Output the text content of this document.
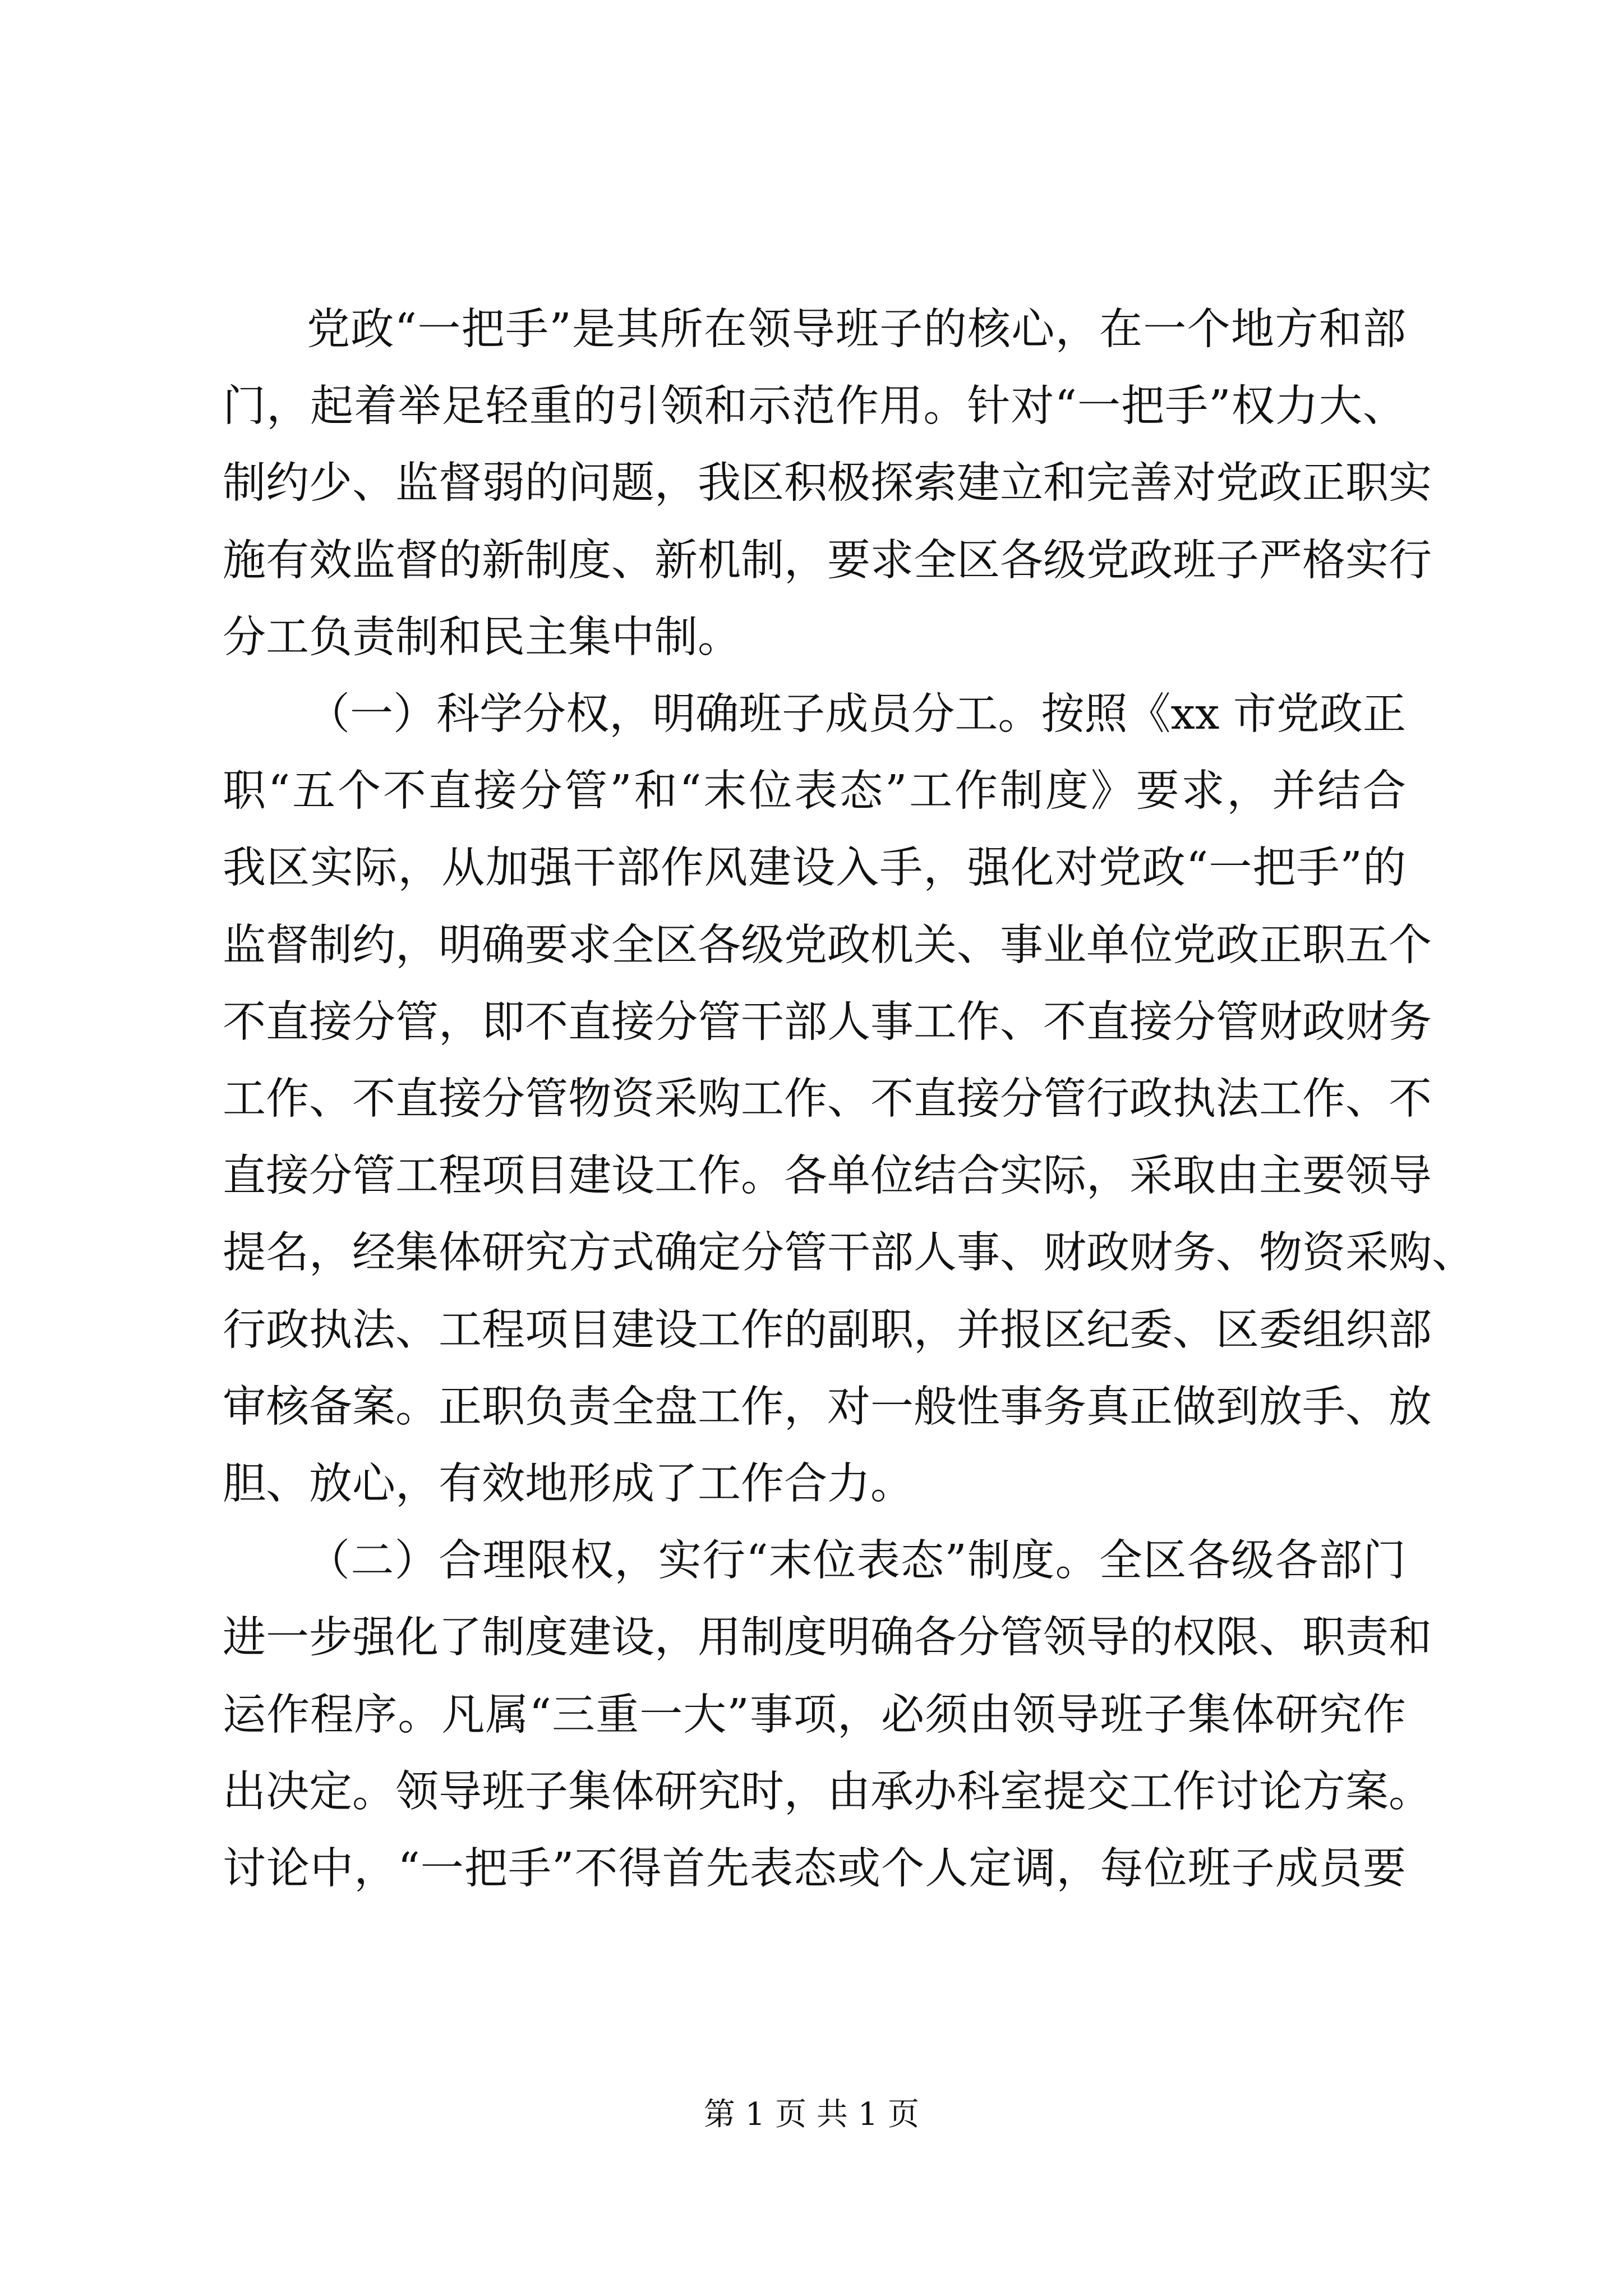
党政“一把手”是其所在领导班子的核心，在一个地方和部
门，起着举足轻重的引领和示范作用。针对“一把手”权力大、
制约少、监督弱的问题，我区积极探索建立和完善对党政正职实
施有效监督的新制度、新机制，要求全区各级党政班子严格实行
分工负责制和民主集中制。
（一）科学分权，明确班子成员分工。按照《xx 市党政正
职“五个不直接分管”和“末位表态”工作制度》要求，并结合
我区实际，从加强干部作风建设入手，强化对党政“一把手”的
监督制约，明确要求全区各级党政机关、事业单位党政正职五个
不直接分管，即不直接分管干部人事工作、不直接分管财政财务
工作、不直接分管物资采购工作、不直接分管行政执法工作、不
直接分管工程项目建设工作。各单位结合实际，采取由主要领导
提名，经集体研究方式确定分管干部人事、财政财务、物资采购、
行政执法、工程项目建设工作的副职，并报区纪委、区委组织部
审核备案。正职负责全盘工作，对一般性事务真正做到放手、放
胆、放心，有效地形成了工作合力。
（二）合理限权，实行“末位表态”制度。全区各级各部门
进一步强化了制度建设，用制度明确各分管领导的权限、职责和
运作程序。凡属“三重一大”事项，必须由领导班子集体研究作
出决定。领导班子集体研究时，由承办科室提交工作讨论方案。
讨论中，“一把手”不得首先表态或个人定调，每位班子成员要
第 1 页 共 1 页
